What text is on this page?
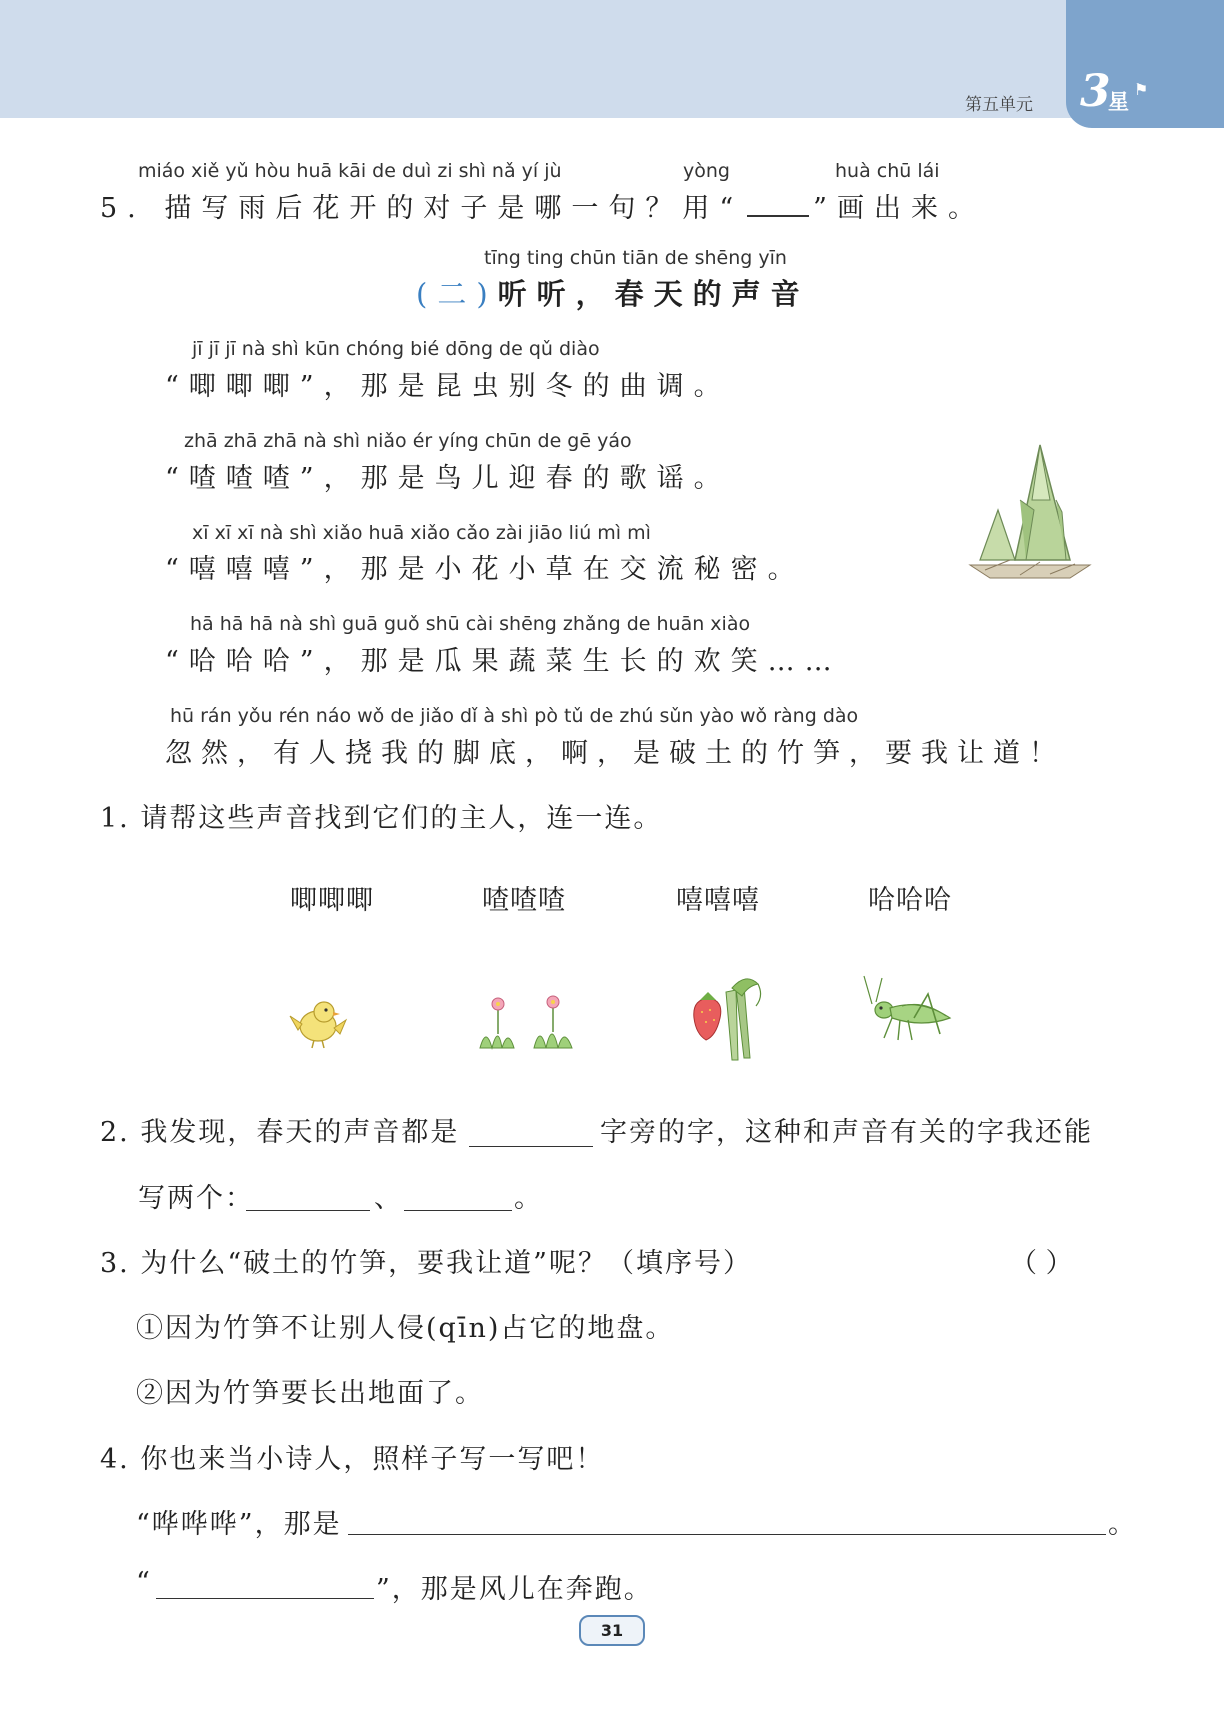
第五单元 3
星
⚑
miáo xiě yǔ hòu huā kāi de duì zi shì nǎ yí jù	yòng	huà chū lái
5. 描写雨后花开的对子是哪一句？用“	”画出来。
tīng ting chūn tiān de shēng yīn
(二)听听，春天的声音
jī jī jī nà shì kūn chóng bié dōng de qǔ diào
“唧唧唧”，那是昆虫别冬的曲调。
zhā zhā zhā nà shì niǎo ér yíng chūn de gē yáo
“喳喳喳”，那是鸟儿迎春的歌谣。
xī xī xī nà shì xiǎo huā xiǎo cǎo zài jiāo liú mì mì
“嘻嘻嘻”，那是小花小草在交流秘密。
hā hā hā nà shì guā guǒ shū cài shēng zhǎng de huān xiào
“哈哈哈”，那是瓜果蔬菜生长的欢笑……
hū rán yǒu rén náo wǒ de jiǎo dǐ à shì pò tǔ de zhú sǔn yào wǒ ràng dào
忽然，有人挠我的脚底，啊，是破土的竹笋，要我让道！
1. 请帮这些声音找到它们的主人，连一连。
唧唧唧	喳喳喳	嘻嘻嘻	哈哈哈
2. 我发现，春天的声音都是	字旁的字，这种和声音有关的字我还能
写两个：	、	。
3. 为什么“破土的竹笋，要我让道”呢？（填序号）	（ ）
①因为竹笋不让别人侵(qīn)占它的地盘。
②因为竹笋要长出地面了。
4. 你也来当小诗人，照样子写一写吧！
“哗哗哗”，那是	。
“	”，那是风儿在奔跑。
31
